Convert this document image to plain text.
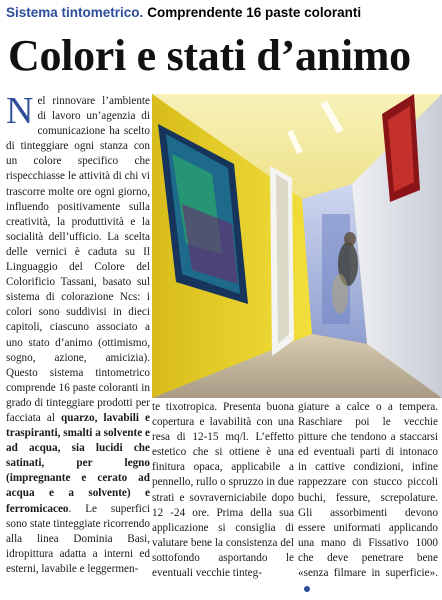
Sistema tintometrico. Comprendente 16 paste coloranti
Colori e stati d’animo
Nel rinnovare l’ambiente di lavoro un’agenzia di comunicazione ha scelto di tinteggiare ogni stanza con un colore specifico che rispecchiasse le attività di chi vi trascorre molte ore ogni giorno, influendo positivamente sulla creatività, la produttività e la socialità dell’ufficio. La scelta delle vernici è caduta su Il Linguaggio del Colore del Colorificio Tassani, basato sul sistema di colorazione Ncs: i colori sono suddivisi in dieci capitoli, ciascuno associato a uno stato d’animo (ottimismo, sogno, azione, amicizia). Questo sistema tintometrico comprende 16 paste coloranti in grado di tinteggiare prodotti per facciata al quarzo, lavabili e traspiranti, smalti a solvente e ad acqua, sia lucidi che satinati, per legno (impregnante e cerato ad acqua e a solvente) e ferromicaceo. Le superfici sono state tinteggiate ricorrendo alla linea Dominia Basi, idropittura adatta a interni ed esterni, lavabile e leggermen-
te tixotropica. Presenta buona copertura e lavabilità con una resa di 12-15 mq/l. L’effetto estetico che si ottiene è una finitura opaca, applicabile a pennello, rullo o spruzzo in due strati e sovraverniciabile dopo 12 -24 ore. Prima della sua applicazione si consiglia di valutare bene la consistenza del sottofondo asportando le eventuali vecchie tinteg-
giature a calce o a tempera. Raschiare poi le vecchie pitture che tendono a staccarsi ed eventuali parti di intonaco in cattive condizioni, infine rappezzare con stucco piccoli buchi, fessure, screpolature. Gli assorbimenti devono essere uniformati applicando una mano di Fissativo 1000 che deve penetrare bene «senza filmare in superficie».
